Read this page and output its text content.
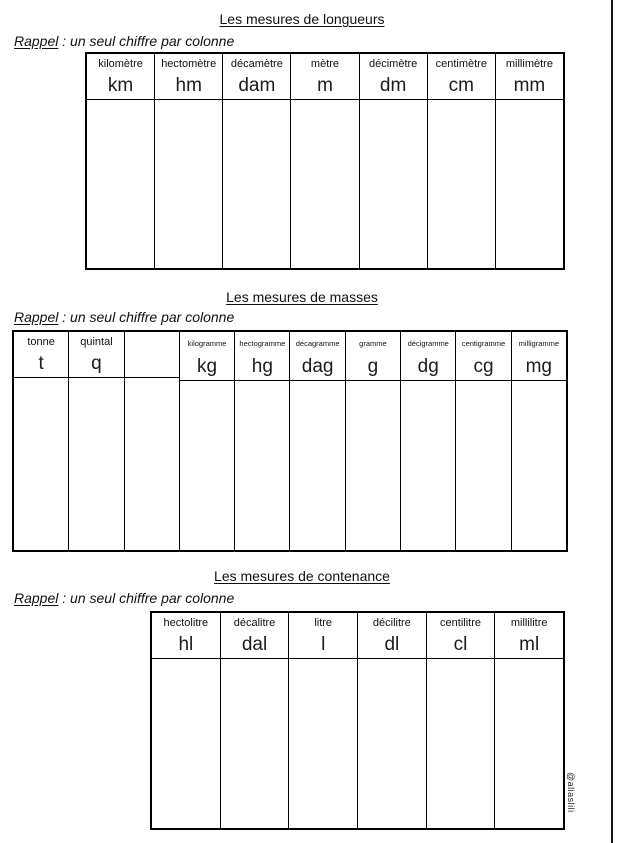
Les mesures de longueurs
Rappel : un seul chiffre par colonne
kilomètre
km
hectomètre
hm
décamètre
dam
mètre
m
décimètre
dm
centimètre
cm
millimètre
mm
Les mesures de masses
Rappel : un seul chiffre par colonne
tonne
t
quintal
q
kilogramme
kg
hectogramme
hg
décagramme
dag
gramme
g
décigramme
dg
centigramme
cg
milligramme
mg
Les mesures de contenance
Rappel : un seul chiffre par colonne
hectolitre
hl
décalitre
dal
litre
l
décilitre
dl
centilitre
cl
millilitre
ml
@aliaslili
